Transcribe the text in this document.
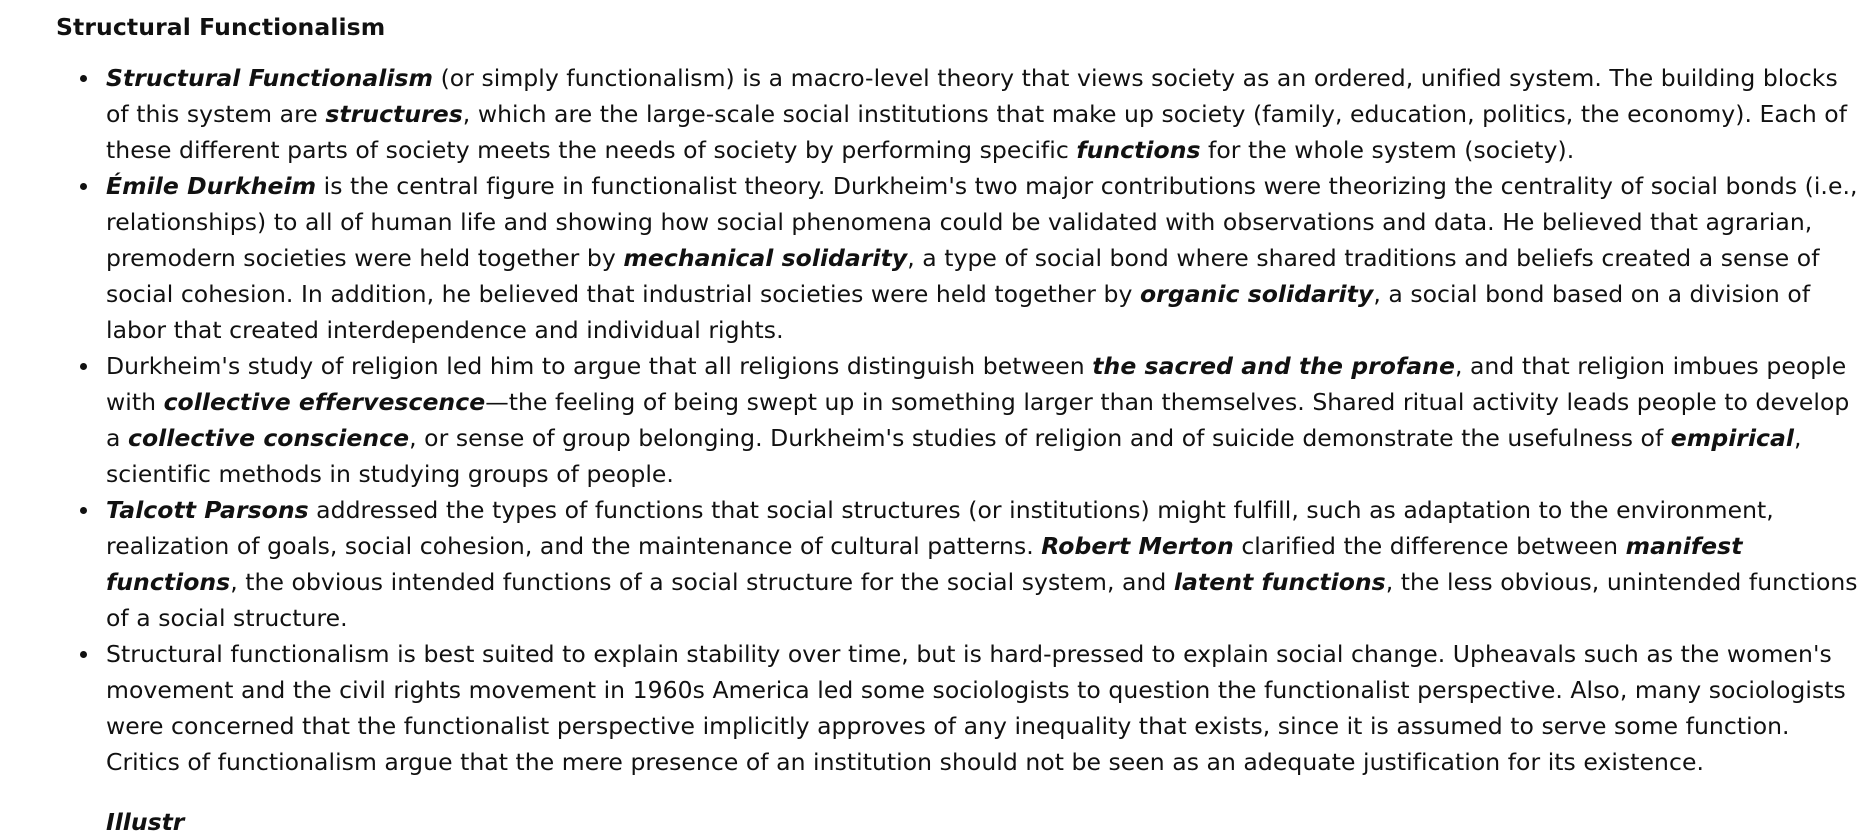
Structural Functionalism
Structural Functionalism (or simply functionalism) is a macro-level theory that views society as an ordered, unified system. The building blocks of this system are structures, which are the large-scale social institutions that make up society (family, education, politics, the economy). Each of these different parts of society meets the needs of society by performing specific functions for the whole system (society).
Émile Durkheim is the central figure in functionalist theory. Durkheim's two major contributions were theorizing the centrality of social bonds (i.e., relationships) to all of human life and showing how social phenomena could be validated with observations and data. He believed that agrarian, premodern societies were held together by mechanical solidarity, a type of social bond where shared traditions and beliefs created a sense of social cohesion. In addition, he believed that industrial societies were held together by organic solidarity, a social bond based on a division of labor that created interdependence and individual rights.
Durkheim's study of religion led him to argue that all religions distinguish between the sacred and the profane, and that religion imbues people with collective effervescence—the feeling of being swept up in something larger than themselves. Shared ritual activity leads people to develop a collective conscience, or sense of group belonging. Durkheim's studies of religion and of suicide demonstrate the usefulness of empirical, scientific methods in studying groups of people.
Talcott Parsons addressed the types of functions that social structures (or institutions) might fulfill, such as adaptation to the environment, realization of goals, social cohesion, and the maintenance of cultural patterns. Robert Merton clarified the difference between manifest functions, the obvious intended functions of a social structure for the social system, and latent functions, the less obvious, unintended functions of a social structure.
Structural functionalism is best suited to explain stability over time, but is hard-pressed to explain social change. Upheavals such as the women's movement and the civil rights movement in 1960s America led some sociologists to question the functionalist perspective. Also, many sociologists were concerned that the functionalist perspective implicitly approves of any inequality that exists, since it is assumed to serve some function. Critics of functionalism argue that the mere presence of an institution should not be seen as an adequate justification for its existence.
Illustr
